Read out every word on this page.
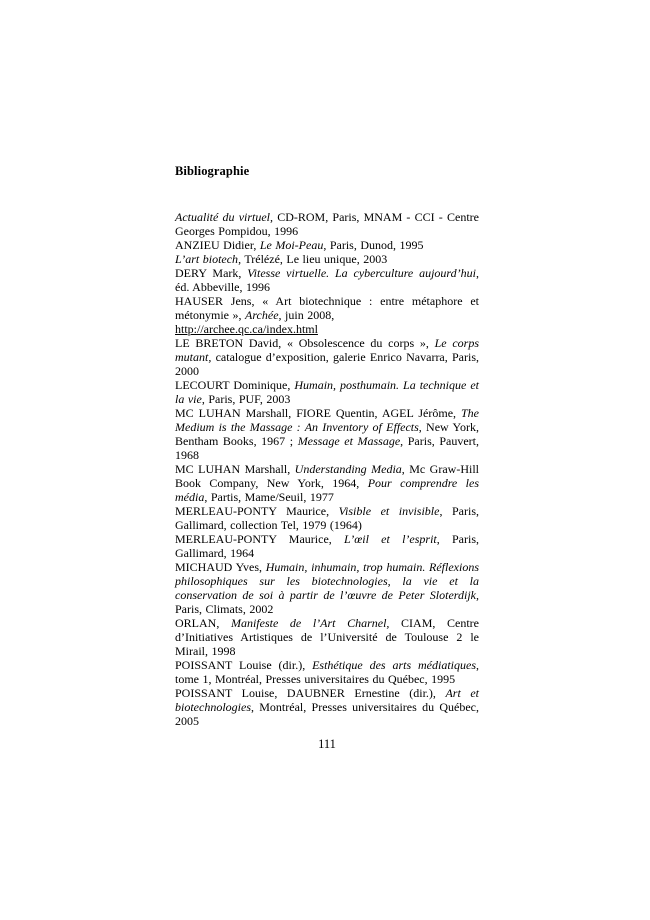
Bibliographie

Actualité du virtuel, CD-ROM, Paris, MNAM - CCI - Centre Georges Pompidou, 1996

ANZIEU Didier, Le Moi-Peau, Paris, Dunod, 1995

L’art biotech, Trélézé, Le lieu unique, 2003

DERY Mark, Vitesse virtuelle. La cyberculture aujourd’hui, éd. Abbeville, 1996

HAUSER Jens, « Art biotechnique : entre métaphore et métonymie », Archée, juin 2008,

http://archee.qc.ca/index.html

LE BRETON David, « Obsolescence du corps », Le corps mutant, catalogue d’exposition, galerie Enrico Navarra, Paris, 2000

LECOURT Dominique, Humain, posthumain. La technique et la vie, Paris, PUF, 2003

MC LUHAN Marshall, FIORE Quentin, AGEL Jérôme, The Medium is the Massage : An Inventory of Effects, New York, Bentham Books, 1967 ; Message et Massage, Paris, Pauvert, 1968

MC LUHAN Marshall, Understanding Media, Mc Graw-Hill Book Company, New York, 1964, Pour comprendre les média, Partis, Mame/Seuil, 1977

MERLEAU-PONTY Maurice, Visible et invisible, Paris, Gallimard, collection Tel, 1979 (1964)

MERLEAU-PONTY Maurice, L’œil et l’esprit, Paris, Gallimard, 1964

MICHAUD Yves, Humain, inhumain, trop humain. Réflexions philosophiques sur les biotechnologies, la vie et la conservation de soi à partir de l’œuvre de Peter Sloterdijk, Paris, Climats, 2002

ORLAN, Manifeste de l’Art Charnel, CIAM, Centre d’Initiatives Artistiques de l’Université de Toulouse 2 le Mirail, 1998

POISSANT Louise (dir.), Esthétique des arts médiatiques, tome 1, Montréal, Presses universitaires du Québec, 1995

POISSANT Louise, DAUBNER Ernestine (dir.), Art et biotechnologies, Montréal, Presses universitaires du Québec, 2005

111
